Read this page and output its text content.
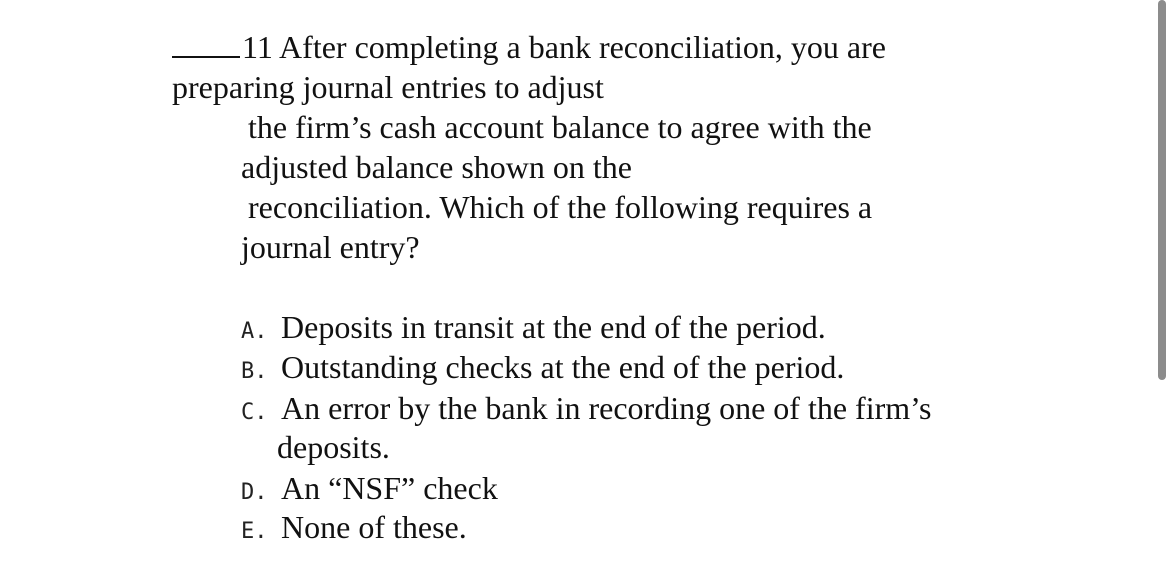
11 After completing a bank reconciliation, you are
preparing journal entries to adjust
the firm’s cash account balance to agree with the
adjusted balance shown on the
reconciliation. Which of the following requires a
journal entry?
A. Deposits in transit at the end of the period.
B. Outstanding checks at the end of the period.
C. An error by the bank in recording one of the firm’s
deposits.
D. An “NSF” check
E. None of these.
